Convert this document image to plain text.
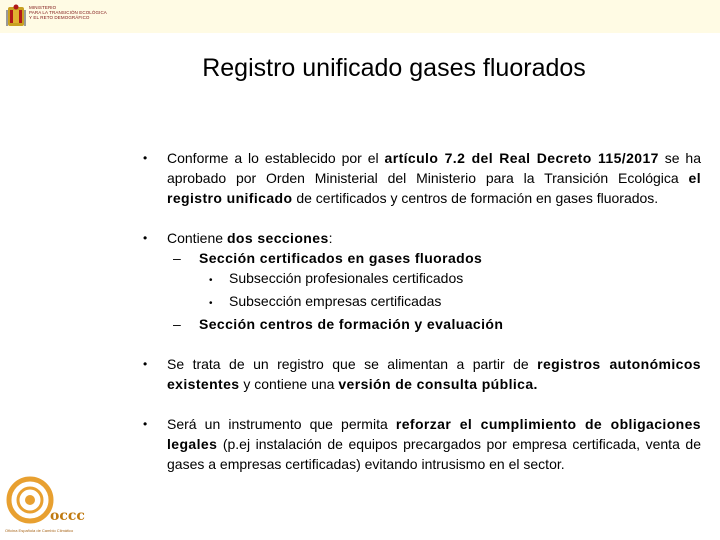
MINISTERIO
PARA LA TRANSICIÓN ECOLÓGICA
Y EL RETO DEMOGRÁFICO
Registro unificado gases fluorados
• Conforme a lo establecido por el artículo 7.2 del Real Decreto 115/2017 se ha aprobado por Orden Ministerial del Ministerio para la Transición Ecológica el registro unificado de certificados y centros de formación en gases fluorados.
• Contiene dos secciones:
– Sección certificados en gases fluorados
• Subsección profesionales certificados
• Subsección empresas certificadas
– Sección centros de formación y evaluación
• Se trata de un registro que se alimentan a partir de registros autonómicos existentes y contiene una versión de consulta pública.
• Será un instrumento que permita reforzar el cumplimiento de obligaciones legales (p.ej instalación de equipos precargados por empresa certificada, venta de gases a empresas certificadas) evitando intrusismo en el sector.
occc
Oficina Española de Cambio Climático
